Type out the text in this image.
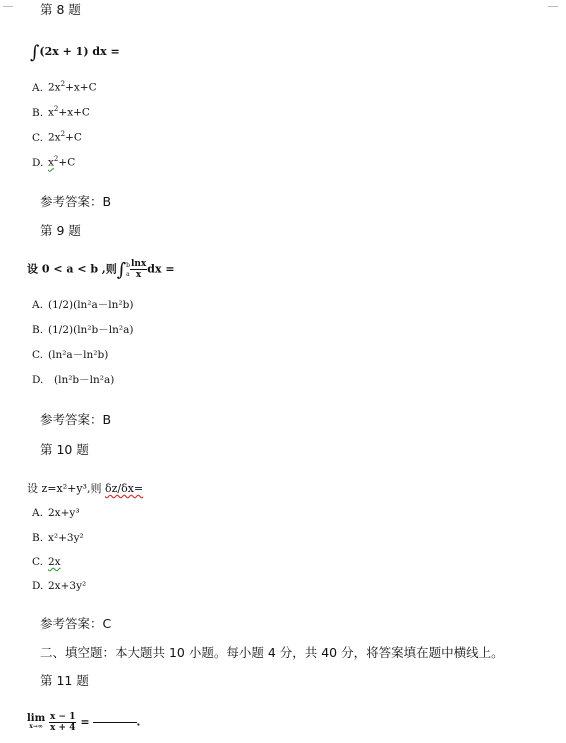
第 8 题
∫(2x + 1) dx =
A. $2x^2+x+C$
B. $x^2+x+C$
C. $2x^2+C$
D. $x^2+C$
参考答案：B
第 9 题
设 0 < a < b ,则∫ b
a $\frac{\ln x}{x}$ dx =
A. (1/2)(ln²a－ln²b)
B. (1/2)(ln²b－ln²a)
C. (ln²a－ln²b)
D. (ln²b－ln²a)
参考答案：B
第 10 题
设 z=x²+y³,则 δz/δx=
A. 2x+y³
B. x²+3y²
C. 2x
D. 2x+3y²
参考答案：C
二、填空题：本大题共 10 小题。每小题 4 分，共 40 分，将答案填在题中横线上。
第 11 题
lim
x→∞
$\frac{x - 1}{x + 4}$ =	.
